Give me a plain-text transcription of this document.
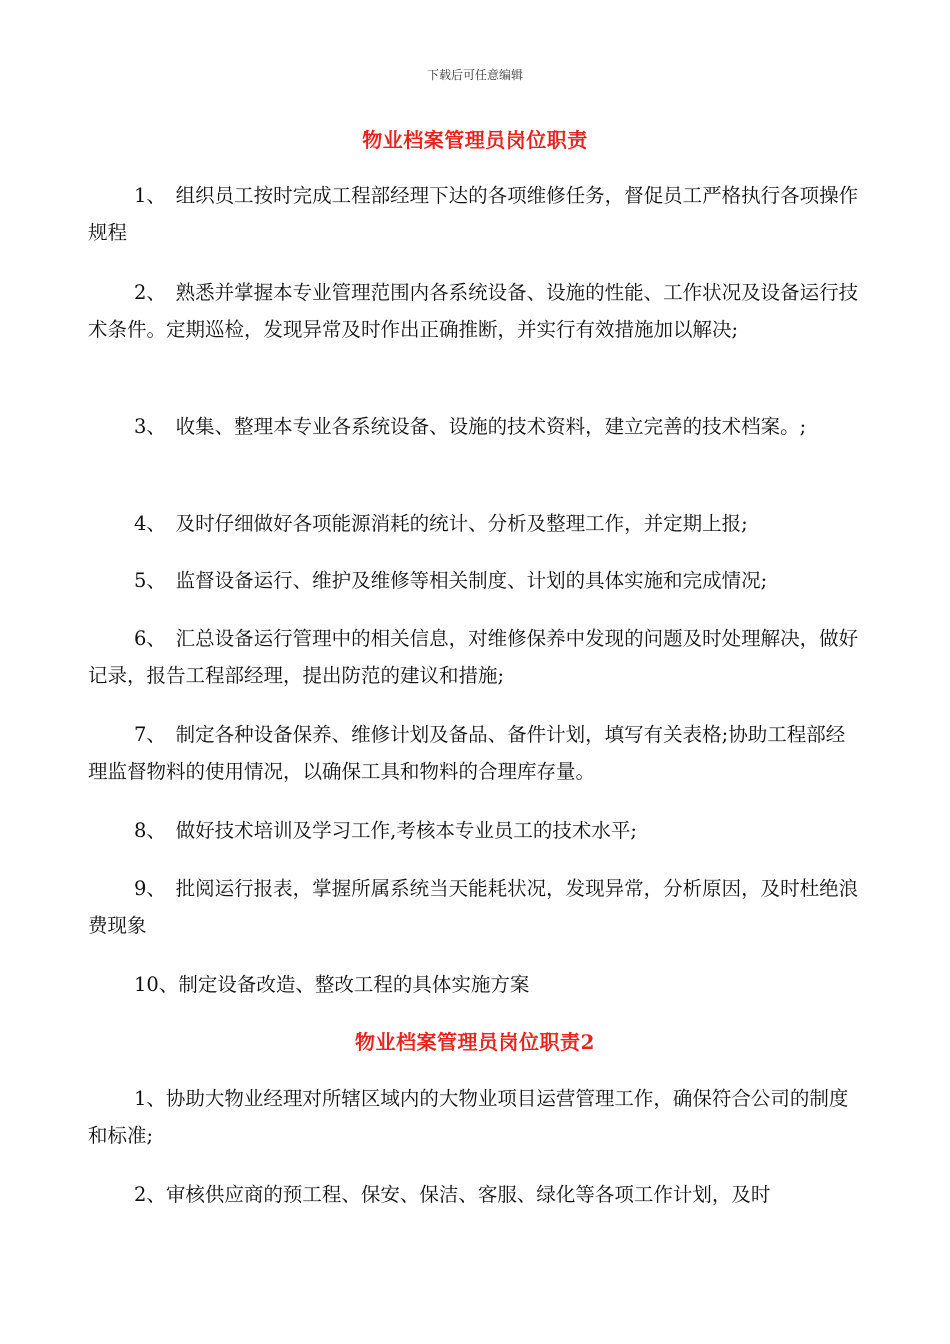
下载后可任意编辑
物业档案管理员岗位职责
1、　组织员工按时完成工程部经理下达的各项维修任务，督促员工严格执行各项操作规程
2、　熟悉并掌握本专业管理范围内各系统设备、设施的性能、工作状况及设备运行技术条件。定期巡检，发现异常及时作出正确推断，并实行有效措施加以解决;
3、　收集、整理本专业各系统设备、设施的技术资料，建立完善的技术档案。;
4、　及时仔细做好各项能源消耗的统计、分析及整理工作，并定期上报;
5、　监督设备运行、维护及维修等相关制度、计划的具体实施和完成情况;
6、　汇总设备运行管理中的相关信息，对维修保养中发现的问题及时处理解决，做好记录，报告工程部经理，提出防范的建议和措施;
7、　制定各种设备保养、维修计划及备品、备件计划，填写有关表格;协助工程部经理监督物料的使用情况，以确保工具和物料的合理库存量。
8、　做好技术培训及学习工作,考核本专业员工的技术水平;
9、　批阅运行报表，掌握所属系统当天能耗状况，发现异常，分析原因，及时杜绝浪费现象
10、制定设备改造、整改工程的具体实施方案
物业档案管理员岗位职责2
1、协助大物业经理对所辖区域内的大物业项目运营管理工作，确保符合公司的制度和标准;
2、审核供应商的预工程、保安、保洁、客服、绿化等各项工作计划，及时
